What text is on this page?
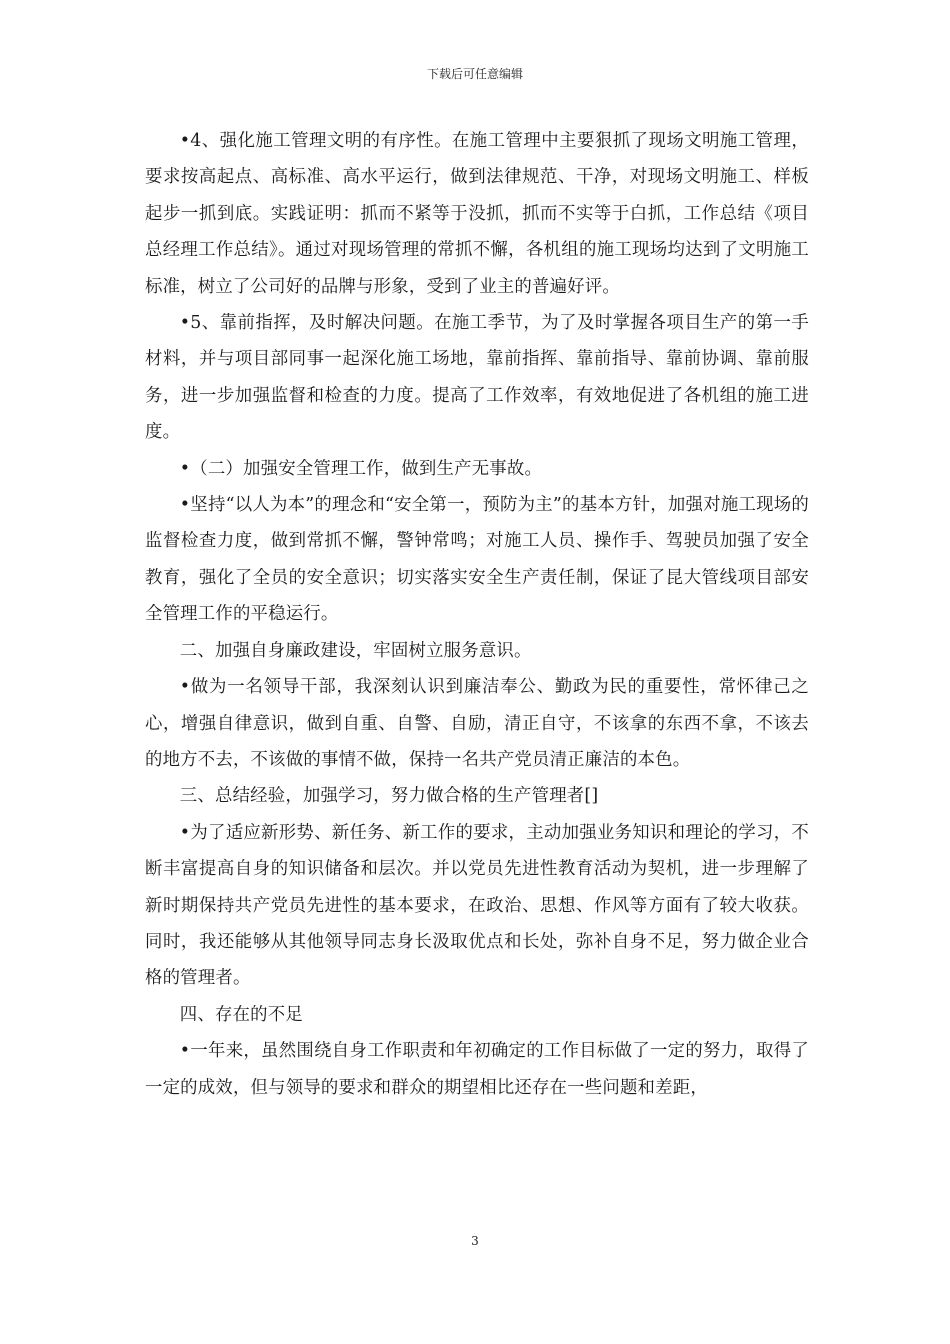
下载后可任意编辑

•4、强化施工管理文明的有序性。在施工管理中主要狠抓了现场文明施工管理，要求按高起点、高标准、高水平运行，做到法律规范、干净，对现场文明施工、样板起步一抓到底。实践证明：抓而不紧等于没抓，抓而不实等于白抓，工作总结《项目总经理工作总结》。通过对现场管理的常抓不懈，各机组的施工现场均达到了文明施工标准，树立了公司好的品牌与形象，受到了业主的普遍好评。

•5、靠前指挥，及时解决问题。在施工季节，为了及时掌握各项目生产的第一手材料，并与项目部同事一起深化施工场地，靠前指挥、靠前指导、靠前协调、靠前服务，进一步加强监督和检查的力度。提高了工作效率，有效地促进了各机组的施工进度。

•（二）加强安全管理工作，做到生产无事故。

•坚持“以人为本”的理念和“安全第一，预防为主”的基本方针，加强对施工现场的监督检查力度，做到常抓不懈，警钟常鸣；对施工人员、操作手、驾驶员加强了安全教育，强化了全员的安全意识；切实落实安全生产责任制，保证了昆大管线项目部安全管理工作的平稳运行。

二、加强自身廉政建设，牢固树立服务意识。

•做为一名领导干部，我深刻认识到廉洁奉公、勤政为民的重要性，常怀律己之心，增强自律意识，做到自重、自警、自励，清正自守，不该拿的东西不拿，不该去的地方不去，不该做的事情不做，保持一名共产党员清正廉洁的本色。

三、总结经验，加强学习，努力做合格的生产管理者[]

•为了适应新形势、新任务、新工作的要求，主动加强业务知识和理论的学习，不断丰富提高自身的知识储备和层次。并以党员先进性教育活动为契机，进一步理解了新时期保持共产党员先进性的基本要求，在政治、思想、作风等方面有了较大收获。同时，我还能够从其他领导同志身长汲取优点和长处，弥补自身不足，努力做企业合格的管理者。

四、存在的不足

•一年来，虽然围绕自身工作职责和年初确定的工作目标做了一定的努力，取得了一定的成效，但与领导的要求和群众的期望相比还存在一些问题和差距，

3
